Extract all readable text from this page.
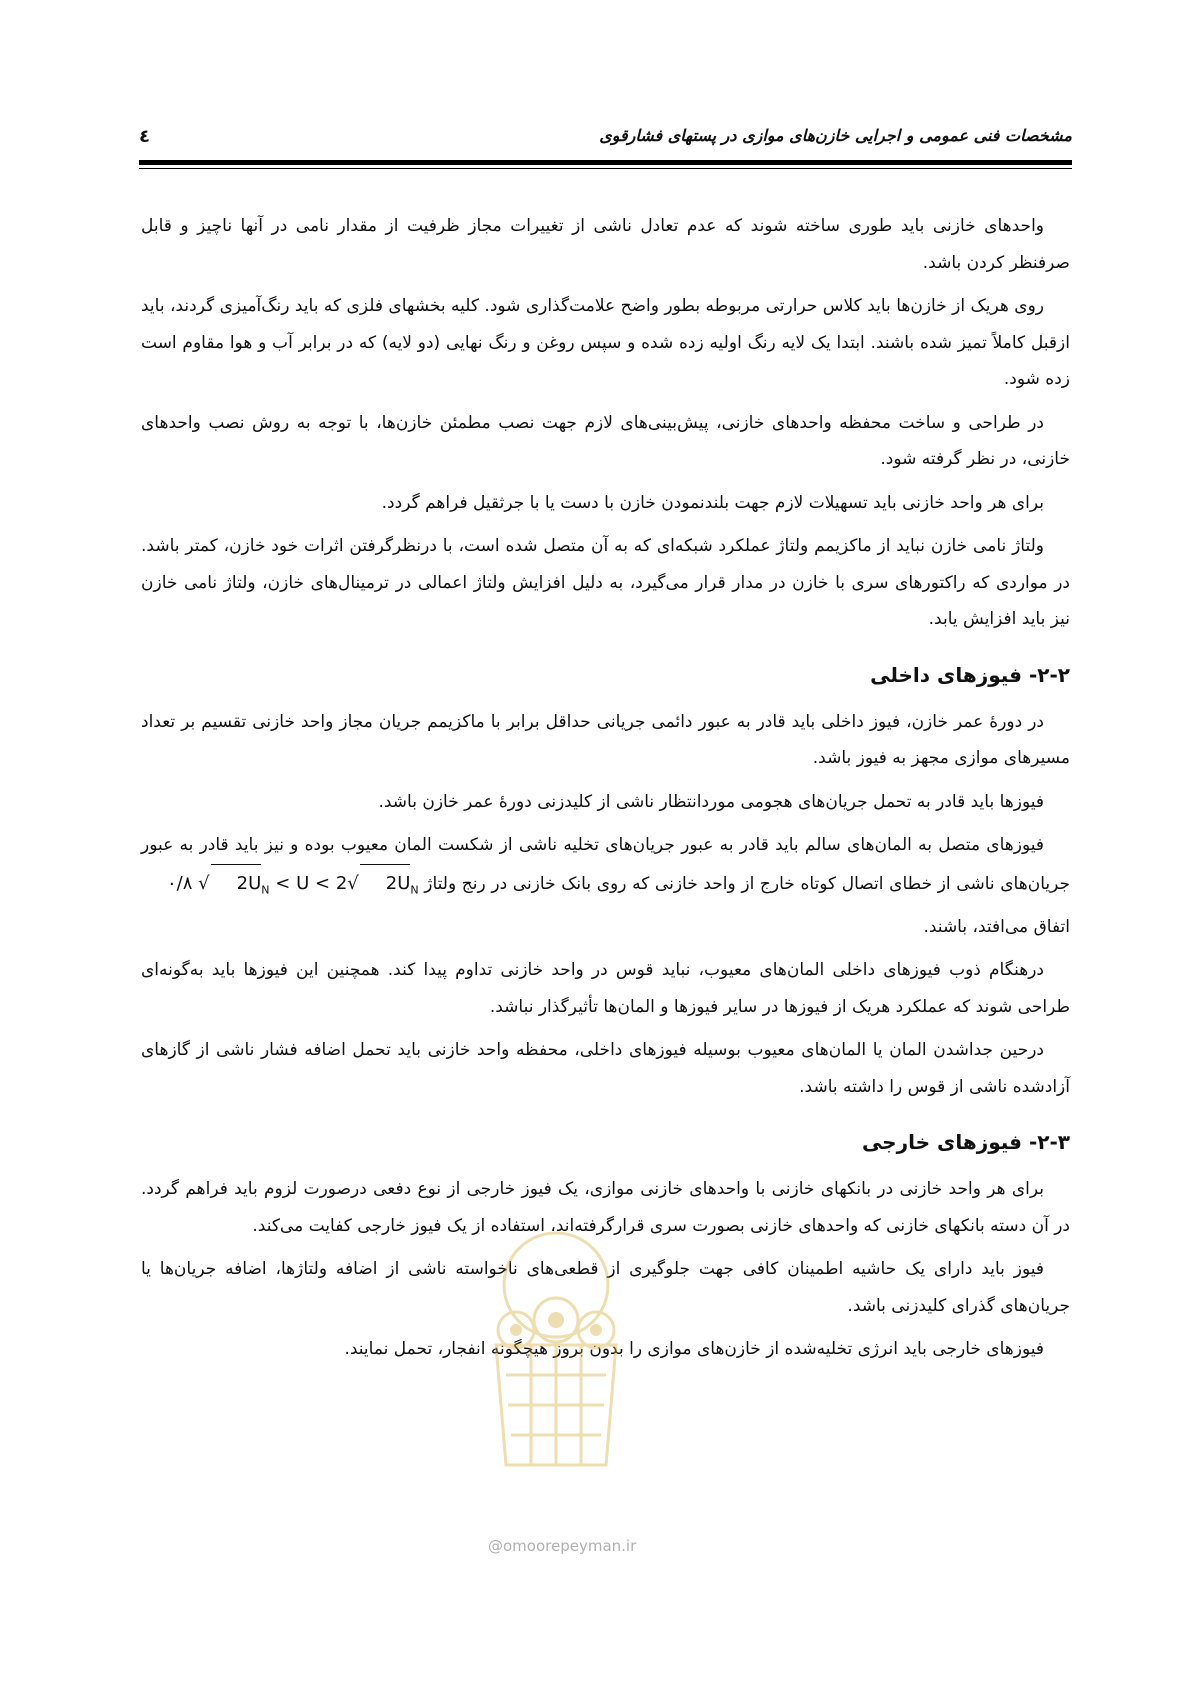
مشخصات فنی عمومی و اجرایی خازن‌های موازی در پستهای فشارقوی
٤

واحدهای خازنی باید طوری ساخته شوند که عدم تعادل ناشی از تغییرات مجاز ظرفیت از مقدار نامی در آنها ناچیز و قابل صرفنظر کردن باشد.

روی هریک از خازن‌ها باید کلاس حرارتی مربوطه بطور واضح علامت‌گذاری شود. کلیه بخشهای فلزی که باید رنگ‌آمیزی گردند، باید ازقبل کاملاً تمیز شده باشند. ابتدا یک لایه رنگ اولیه زده شده و سپس روغن و رنگ نهایی (دو لایه) که در برابر آب و هوا مقاوم است زده شود.

در طراحی و ساخت محفظه واحدهای خازنی، پیش‌بینی‌های لازم جهت نصب مطمئن خازن‌ها، با توجه به روش نصب واحدهای خازنی، در نظر گرفته شود.

برای هر واحد خازنی باید تسهیلات لازم جهت بلندنمودن خازن با دست یا با جرثقیل فراهم گردد.

ولتاژ نامی خازن نباید از ماکزیمم ولتاژ عملکرد شبکه‌ای که به آن متصل شده است، با درنظرگرفتن اثرات خود خازن، کمتر باشد. در مواردی که راکتورهای سری با خازن در مدار قرار می‌گیرد، به دلیل افزایش ولتاژ اعمالی در ترمینال‌های خازن، ولتاژ نامی خازن نیز باید افزایش یابد.

۲-۲- فیوزهای داخلی

در دورهٔ عمر خازن، فیوز داخلی باید قادر به عبور دائمی جریانی حداقل برابر با ماکزیمم جریان مجاز واحد خازنی تقسیم بر تعداد مسیرهای موازی مجهز به فیوز باشد.

فیوزها باید قادر به تحمل جریان‌های هجومی موردانتظار ناشی از کلیدزنی دورهٔ عمر خازن باشد.

فیوزهای متصل به المان‌های سالم باید قادر به عبور جریان‌های تخلیه ناشی از شکست المان معیوب بوده و نیز باید قادر به عبور جریان‌های ناشی از خطای اتصال کوتاه خارج از واحد خازنی که روی بانک خازنی در رنج ولتاژ ۰/۸ √ $2U_N < U < 2√$ $2U_N$ اتفاق می‌افتد، باشند.

درهنگام ذوب فیوزهای داخلی المان‌های معیوب، نباید قوس در واحد خازنی تداوم پیدا کند. همچنین این فیوزها باید به‌گونه‌ای طراحی شوند که عملکرد هریک از فیوزها در سایر فیوزها و المان‌ها تأثیرگذار نباشد.

درحین جداشدن المان یا المان‌های معیوب بوسیله فیوزهای داخلی، محفظه واحد خازنی باید تحمل اضافه فشار ناشی از گازهای آزادشده ناشی از قوس را داشته باشد.

۲-۳- فیوزهای خارجی

برای هر واحد خازنی در بانکهای خازنی با واحدهای خازنی موازی، یک فیوز خارجی از نوع دفعی درصورت لزوم باید فراهم گردد. در آن دسته بانکهای خازنی که واحدهای خازنی بصورت سری قرارگرفته‌اند، استفاده از یک فیوز خارجی کفایت می‌کند.

فیوز باید دارای یک حاشیه اطمینان کافی جهت جلوگیری از قطعی‌های ناخواسته ناشی از اضافه ولتاژها، اضافه جریان‌ها یا جریان‌های گذرای کلیدزنی باشد.

فیوزهای خارجی باید انرژی تخلیه‌شده از خازن‌های موازی را بدون بروز هیچگونه انفجار، تحمل نمایند.

@omoorepeyman.ir
